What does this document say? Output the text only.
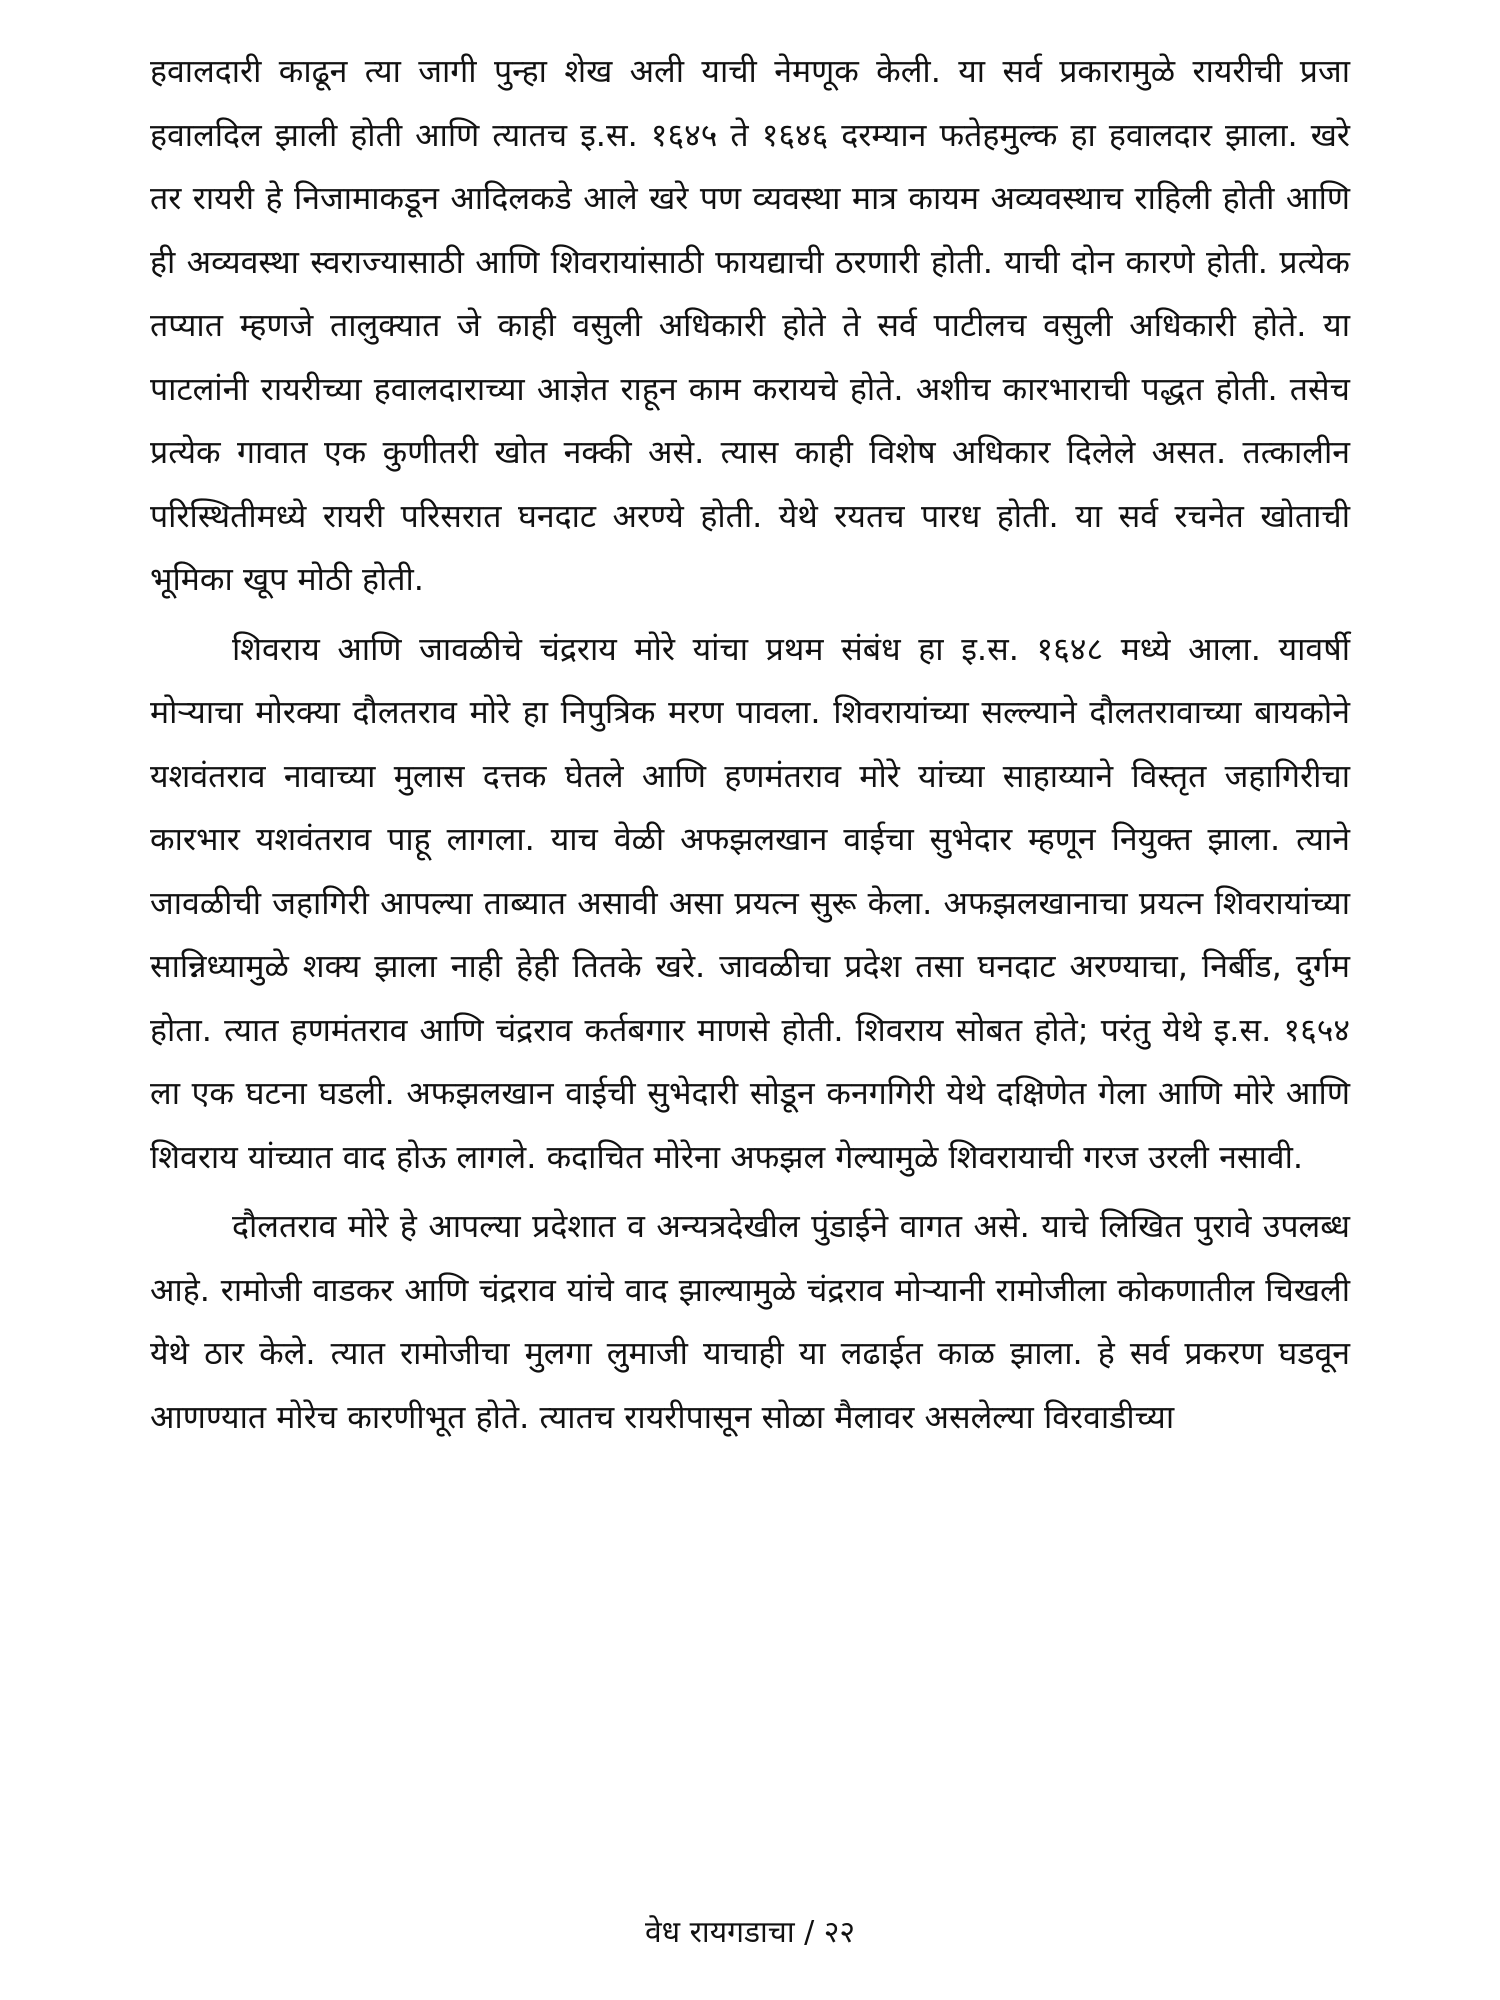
हवालदारी काढून त्या जागी पुन्हा शेख अली याची नेमणूक केली. या सर्व प्रकारामुळे रायरीची प्रजा हवालदिल झाली होती आणि त्यातच इ.स. १६४५ ते १६४६ दरम्यान फतेहमुल्क हा हवालदार झाला. खरे तर रायरी हे निजामाकडून आदिलकडे आले खरे पण व्यवस्था मात्र कायम अव्यवस्थाच राहिली होती आणि ही अव्यवस्था स्वराज्यासाठी आणि शिवरायांसाठी फायद्याची ठरणारी होती. याची दोन कारणे होती. प्रत्येक तप्यात म्हणजे तालुक्यात जे काही वसुली अधिकारी होते ते सर्व पाटीलच वसुली अधिकारी होते. या पाटलांनी रायरीच्या हवालदाराच्या आज्ञेत राहून काम करायचे होते. अशीच कारभाराची पद्धत होती. तसेच प्रत्येक गावात एक कुणीतरी खोत नक्की असे. त्यास काही विशेष अधिकार दिलेले असत. तत्कालीन परिस्थितीमध्ये रायरी परिसरात घनदाट अरण्ये होती. येथे रयतच पारध होती. या सर्व रचनेत खोताची भूमिका खूप मोठी होती.

शिवराय आणि जावळीचे चंद्रराय मोरे यांचा प्रथम संबंध हा इ.स. १६४८ मध्ये आला. यावर्षी मोऱ्याचा मोरक्या दौलतराव मोरे हा निपुत्रिक मरण पावला. शिवरायांच्या सल्ल्याने दौलतरावाच्या बायकोने यशवंतराव नावाच्या मुलास दत्तक घेतले आणि हणमंतराव मोरे यांच्या साहाय्याने विस्तृत जहागिरीचा कारभार यशवंतराव पाहू लागला. याच वेळी अफझलखान वाईचा सुभेदार म्हणून नियुक्त झाला. त्याने जावळीची जहागिरी आपल्या ताब्यात असावी असा प्रयत्न सुरू केला. अफझलखानाचा प्रयत्न शिवरायांच्या सान्निध्यामुळे शक्य झाला नाही हेही तितके खरे. जावळीचा प्रदेश तसा घनदाट अरण्याचा, निर्बीड, दुर्गम होता. त्यात हणमंतराव आणि चंद्रराव कर्तबगार माणसे होती. शिवराय सोबत होते; परंतु येथे इ.स. १६५४ ला एक घटना घडली. अफझलखान वाईची सुभेदारी सोडून कनगगिरी येथे दक्षिणेत गेला आणि मोरे आणि शिवराय यांच्यात वाद होऊ लागले. कदाचित मोरेना अफझल गेल्यामुळे शिवरायाची गरज उरली नसावी.

दौलतराव मोरे हे आपल्या प्रदेशात व अन्यत्रदेखील पुंडाईने वागत असे. याचे लिखित पुरावे उपलब्ध आहे. रामोजी वाडकर आणि चंद्रराव यांचे वाद झाल्यामुळे चंद्रराव मोऱ्यानी रामोजीला कोकणातील चिखली येथे ठार केले. त्यात रामोजीचा मुलगा लुमाजी याचाही या लढाईत काळ झाला. हे सर्व प्रकरण घडवून आणण्यात मोरेच कारणीभूत होते. त्यातच रायरीपासून सोळा मैलावर असलेल्या विरवाडीच्या

वेध रायगडाचा / २२
